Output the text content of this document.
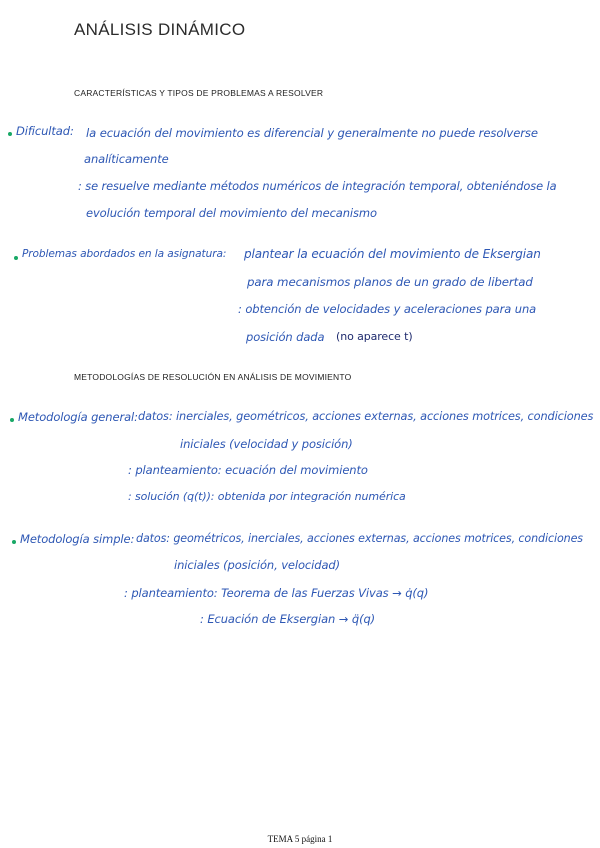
ANÁLISIS DINÁMICO
CARACTERÍSTICAS Y TIPOS DE PROBLEMAS A RESOLVER
Dificultad: la ecuación del movimiento es diferencial y generalmente no puede resolverse
analíticamente
: se resuelve mediante métodos numéricos de integración temporal, obteniéndose la
evolución temporal del movimiento del mecanismo
Problemas abordados en la asignatura: plantear la ecuación del movimiento de Eksergian
para mecanismos planos de un grado de libertad
: obtención de velocidades y aceleraciones para una
posición dada (no aparece t)
METODOLOGÍAS DE RESOLUCIÓN EN ANÁLISIS DE MOVIMIENTO
Metodología general: datos: inerciales, geométricos, acciones externas, acciones motrices, condiciones
iniciales (velocidad y posición)
: planteamiento: ecuación del movimiento
: solución (q(t)): obtenida por integración numérica
Metodología simple: datos: geométricos, inerciales, acciones externas, acciones motrices, condiciones
iniciales (posición, velocidad)
: planteamiento: Teorema de las Fuerzas Vivas → q̇(q)
: Ecuación de Eksergian → q̈(q)
TEMA 5 página 1
